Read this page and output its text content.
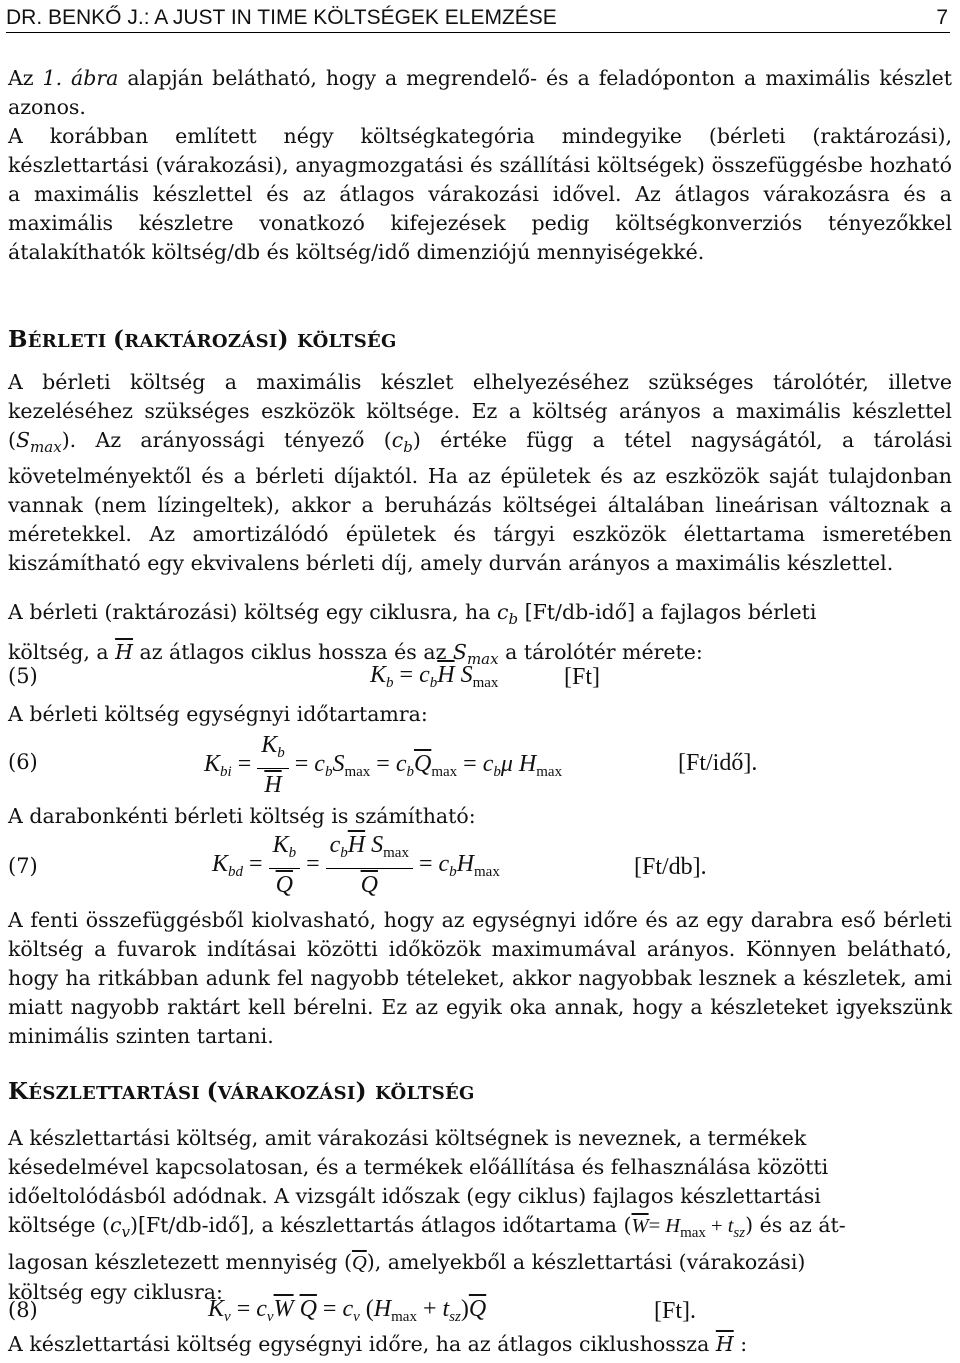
DR. BENKŐ J.: A JUST IN TIME KÖLTSÉGEK ELEMZÉSE	7
Az 1. ábra alapján belátható, hogy a megrendelő- és a feladóponton a maximális készlet azonos.
A korábban említett négy költségkategória mindegyike (bérleti (raktározási), készlettartási (várakozási), anyagmozgatási és szállítási költségek) összefüggésbe hozható a maximális készlettel és az átlagos várakozási idővel. Az átlagos várakozásra és a maximális készletre vonatkozó kifejezések pedig költségkonverziós tényezőkkel átalakíthatók költség/db és költség/idő dimenziójú mennyiségekké.
BÉRLETI (RAKTÁROZÁSI) KÖLTSÉG
A bérleti költség a maximális készlet elhelyezéséhez szükséges tárolótér, illetve kezeléséhez szükséges eszközök költsége. Ez a költség arányos a maximális készlettel $(S_{max})$. Az arányossági tényező $(c_b)$ értéke függ a tétel nagyságától, a tárolási követelményektől és a bérleti díjaktól. Ha az épületek és az eszközök saját tulajdonban vannak (nem lízingeltek), akkor a beruházás költségei általában lineárisan változnak a méretekkel. Az amortizálódó épületek és tárgyi eszközök élettartama ismeretében kiszámítható egy ekvivalens bérleti díj, amely durván arányos a maximális készlettel.
A bérleti (raktározási) költség egy ciklusra, ha $c_b$ [Ft/db-idő] a fajlagos bérleti
költség, a $\overline{H}$ az átlagos ciklus hossza és az $S_{max}$ a tárolótér mérete:
(5)	$K_b = c_b\overline{H}$ $S_{max}$	[Ft]
A bérleti költség egységnyi időtartamra:
(6)	$K_{bi} = \frac{K_b}{H} = c_bS_{max} = c_b\overline{Q}_{max} = c_b\mu$ $H_{max}$	[Ft/idő].
A darabonkénti bérleti költség is számítható:
(7)	$K_{bd} = \frac{K_b}{Q} = \frac{c_b\overline{H} S_{max}}{Q} = c_bH_{max}$	[Ft/db].
A fenti összefüggésből kiolvasható, hogy az egységnyi időre és az egy darabra eső bérleti költség a fuvarok indításai közötti időközök maximumával arányos. Könnyen belátható, hogy ha ritkábban adunk fel nagyobb tételeket, akkor nagyobbak lesznek a készletek, ami miatt nagyobb raktárt kell bérelni. Ez az egyik oka annak, hogy a készleteket igyekszünk minimális szinten tartani.
KÉSZLETTARTÁSI (VÁRAKOZÁSI) KÖLTSÉG
A készlettartási költség, amit várakozási költségnek is neveznek, a termékek
késedelmével kapcsolatosan, és a termékek előállítása és felhasználása közötti
időeltolódásból adódnak. A vizsgált időszak (egy ciklus) fajlagos készlettartási
költsége $(c_v)[Ft/db-idő]$, a készlettartás átlagos időtartama $(\overline{W}= H_{max} + t_{sz})$ és az át-
lagosan készletezett mennyiség $(\overline{Q})$, amelyekből a készlettartási (várakozási)
költség egy ciklusra:
(8)	$K_v = c_v\overline{W}$ $\overline{Q} = c_v$ $(H_{max} + t_{sz})\overline{Q}$	[Ft].
A készlettartási költség egységnyi időre, ha az átlagos ciklushossza $\overline{H}$ :
